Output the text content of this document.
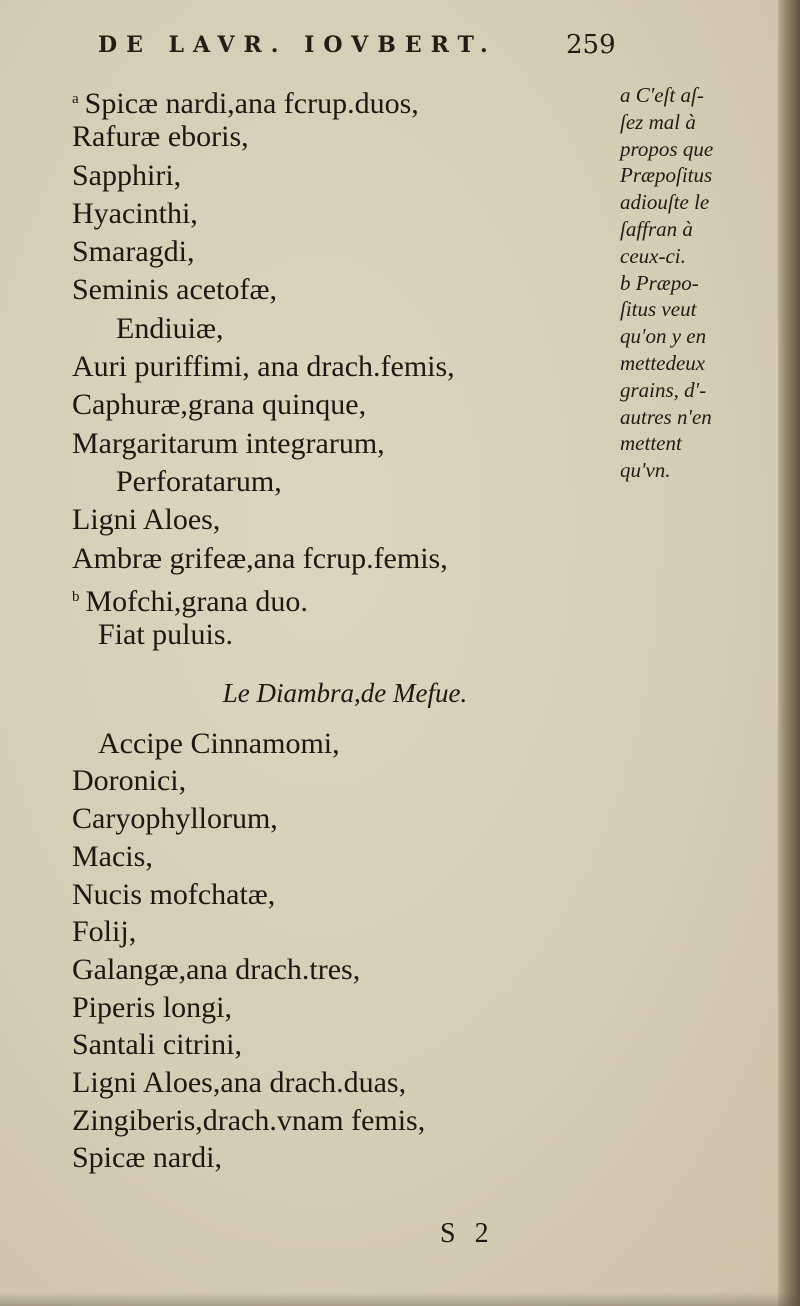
DE LAVR. IOVBERT.	259
$^a$ Spicæ nardi,ana fcrup.duos,
Rafuræ eboris,
Sapphiri,
Hyacinthi,
Smaragdi,
Seminis acetofæ,
Endiuiæ,
Auri puriffimi, ana drach.femis,
Caphuræ,grana quinque,
Margaritarum integrarum,
Perforatarum,
Ligni Aloes,
Ambræ grifeæ,ana fcrup.femis,
$^b$ Mofchi,grana duo.
Fiat puluis.
Le Diambra,de Mefue.
Accipe Cinnamomi,
Doronici,
Caryophyllorum,
Macis,
Nucis mofchatæ,
Folij,
Galangæ,ana drach.tres,
Piperis longi,
Santali citrini,
Ligni Aloes,ana drach.duas,
Zingiberis,drach.vnam femis,
Spicæ nardi,
a C'eſt aſ-
ſez mal à
propos que
Præpoſitus
adiouſte le
ſaffran à
ceux-ci.
b Præpo-
ſitus veut
qu'on y en
mettedeux
grains, d'-
autres n'en
mettent
qu'vn.
S 2
